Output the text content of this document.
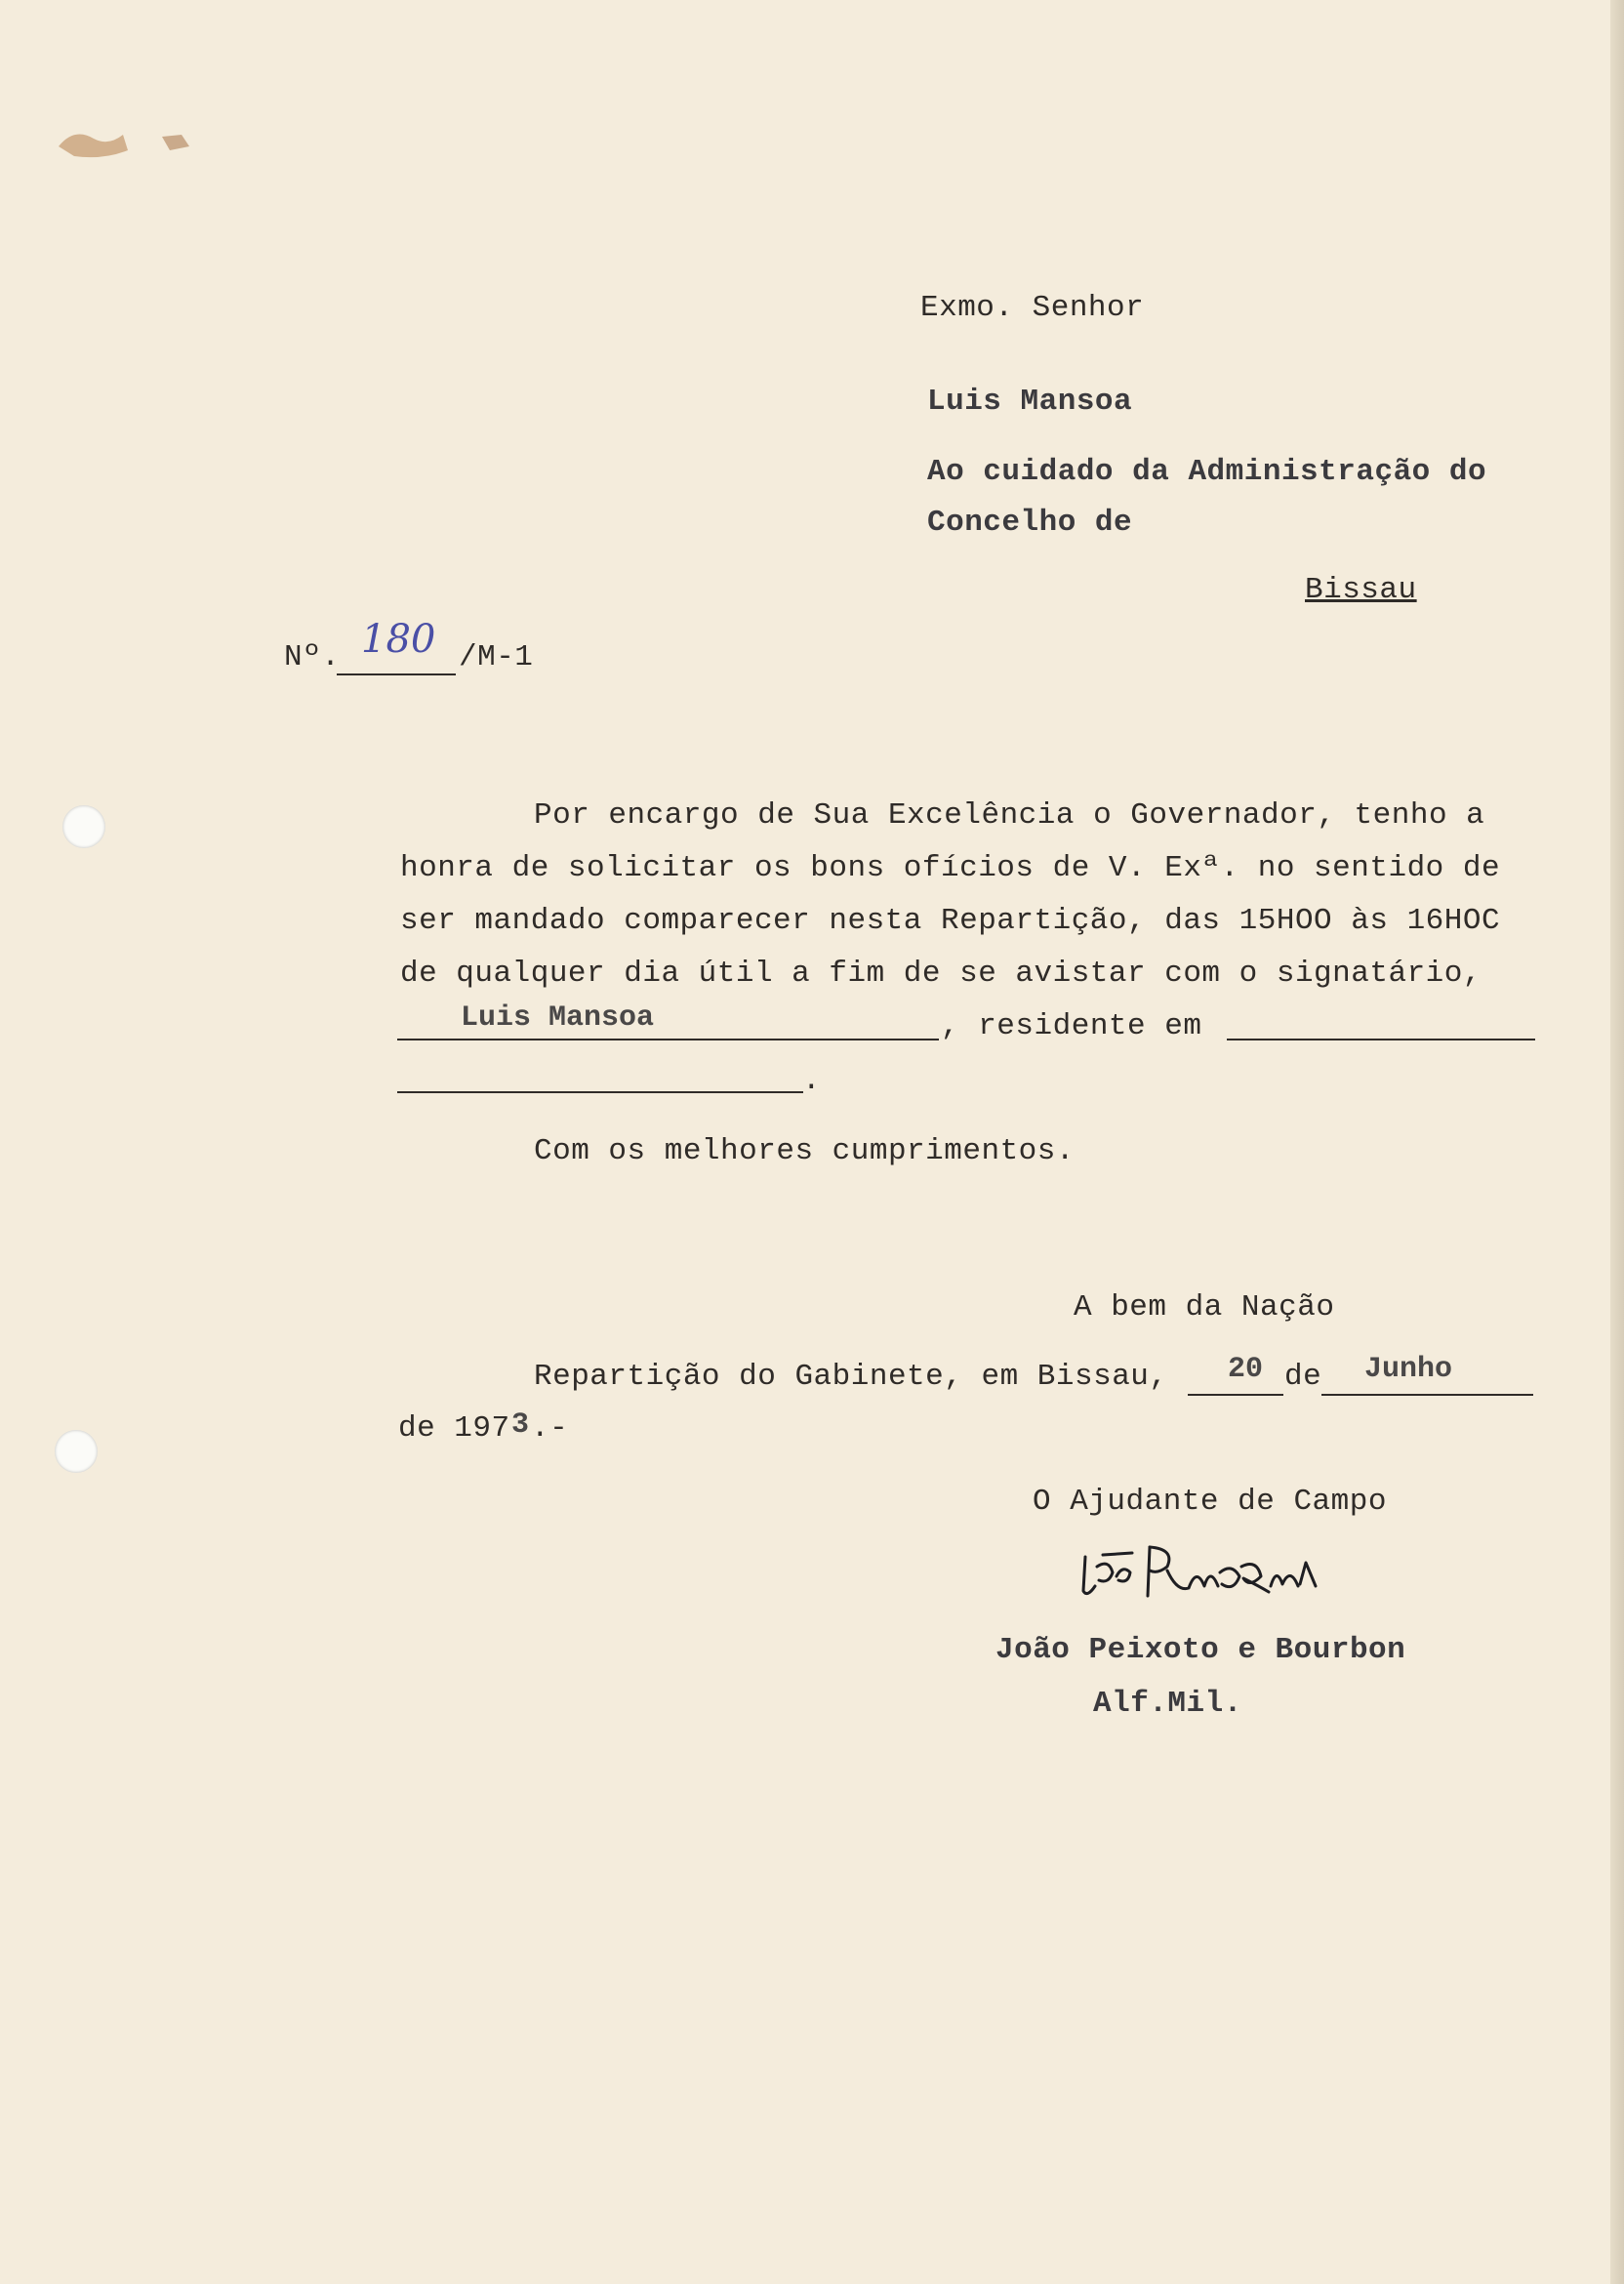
Exmo. Senhor
Luis Mansoa
Ao cuidado da Administração do
Concelho de
Bissau
Nº. 180 /M-1
Por encargo de Sua Excelência o Governador, tenho a
honra de solicitar os bons ofícios de V. Exª. no sentido de
ser mandado comparecer nesta Repartição, das 15HOO às 16HOC
de qualquer dia útil a fim de se avistar com o signatário,
Luis Mansoa	, residente em
.
Com os melhores cumprimentos.
A bem da Nação
Repartição do Gabinete, em Bissau, 20 de Junho
de 197 3 .-
O Ajudante de Campo
João Peixoto e Bourbon
Alf.Mil.
